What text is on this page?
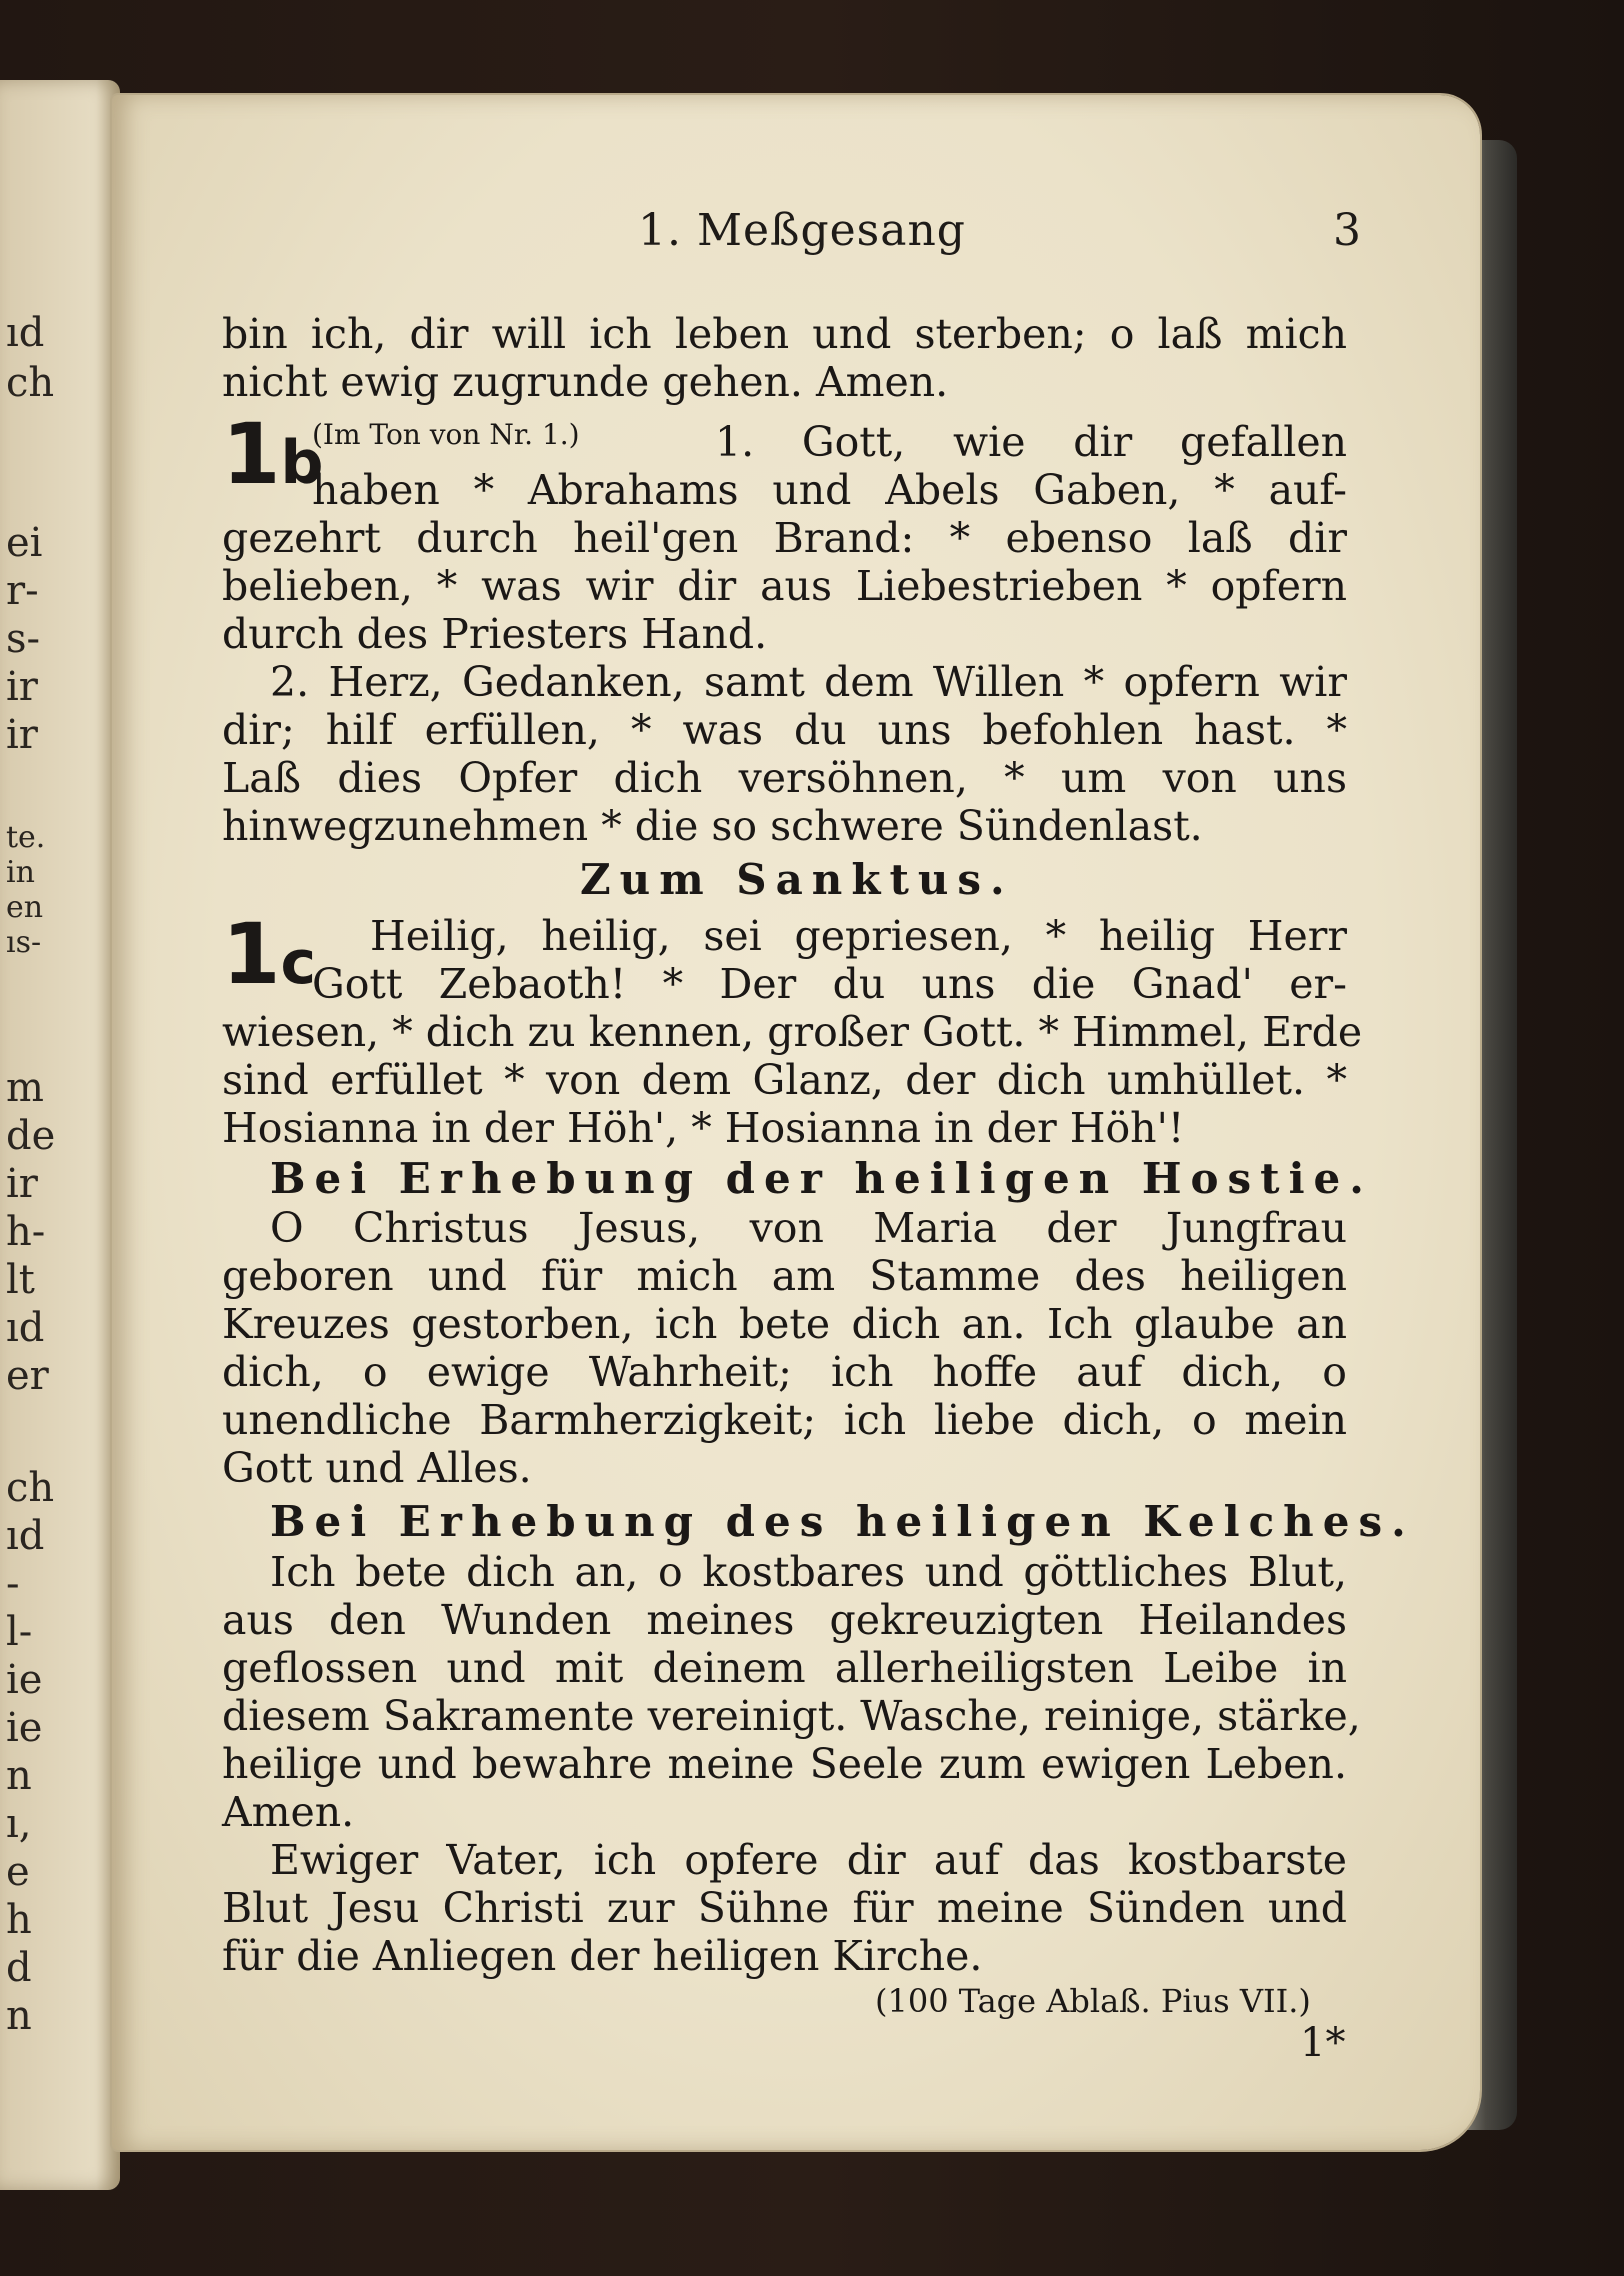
ıd

ch

ei

r-

s-

ir

ir

te.

in

en

ıs-

m

de

ir

h-

lt

ıd

er

ch

ıd

-

l-

ie

ie

n

ı,

e

h

d

n

1. Meßgesang	3

bin ich, dir will ich leben und sterben; o laß mich

nicht ewig zugrunde gehen. Amen.

1b
(Im Ton von Nr. 1.)	1. Gott, wie dir gefallen

haben * Abrahams und Abels Gaben, * auf-

gezehrt durch heil'gen Brand: * ebenso laß dir

belieben, * was wir dir aus Liebestrieben * opfern

durch des Priesters Hand.

2. Herz, Gedanken, samt dem Willen * opfern wir

dir; hilf erfüllen, * was du uns befohlen hast. *

Laß dies Opfer dich versöhnen, * um von uns

hinwegzunehmen * die so schwere Sündenlast.

Zum Sanktus.
1c Heilig, heilig, sei gepriesen, * heilig Herr

Gott Zebaoth! * Der du uns die Gnad' er-

wiesen, * dich zu kennen, großer Gott. * Himmel, Erde

sind erfüllet * von dem Glanz, der dich umhüllet. *

Hosianna in der Höh', * Hosianna in der Höh'!

Bei Erhebung der heiligen Hostie.

O Christus Jesus, von Maria der Jungfrau

geboren und für mich am Stamme des heiligen

Kreuzes gestorben, ich bete dich an. Ich glaube an

dich, o ewige Wahrheit; ich hoffe auf dich, o

unendliche Barmherzigkeit; ich liebe dich, o mein

Gott und Alles.

Bei Erhebung des heiligen Kelches.

Ich bete dich an, o kostbares und göttliches Blut,

aus den Wunden meines gekreuzigten Heilandes

geflossen und mit deinem allerheiligsten Leibe in

diesem Sakramente vereinigt. Wasche, reinige, stärke,

heilige und bewahre meine Seele zum ewigen Leben.

Amen.

Ewiger Vater, ich opfere dir auf das kostbarste

Blut Jesu Christi zur Sühne für meine Sünden und

für die Anliegen der heiligen Kirche.

(100 Tage Ablaß. Pius VII.)

1*
